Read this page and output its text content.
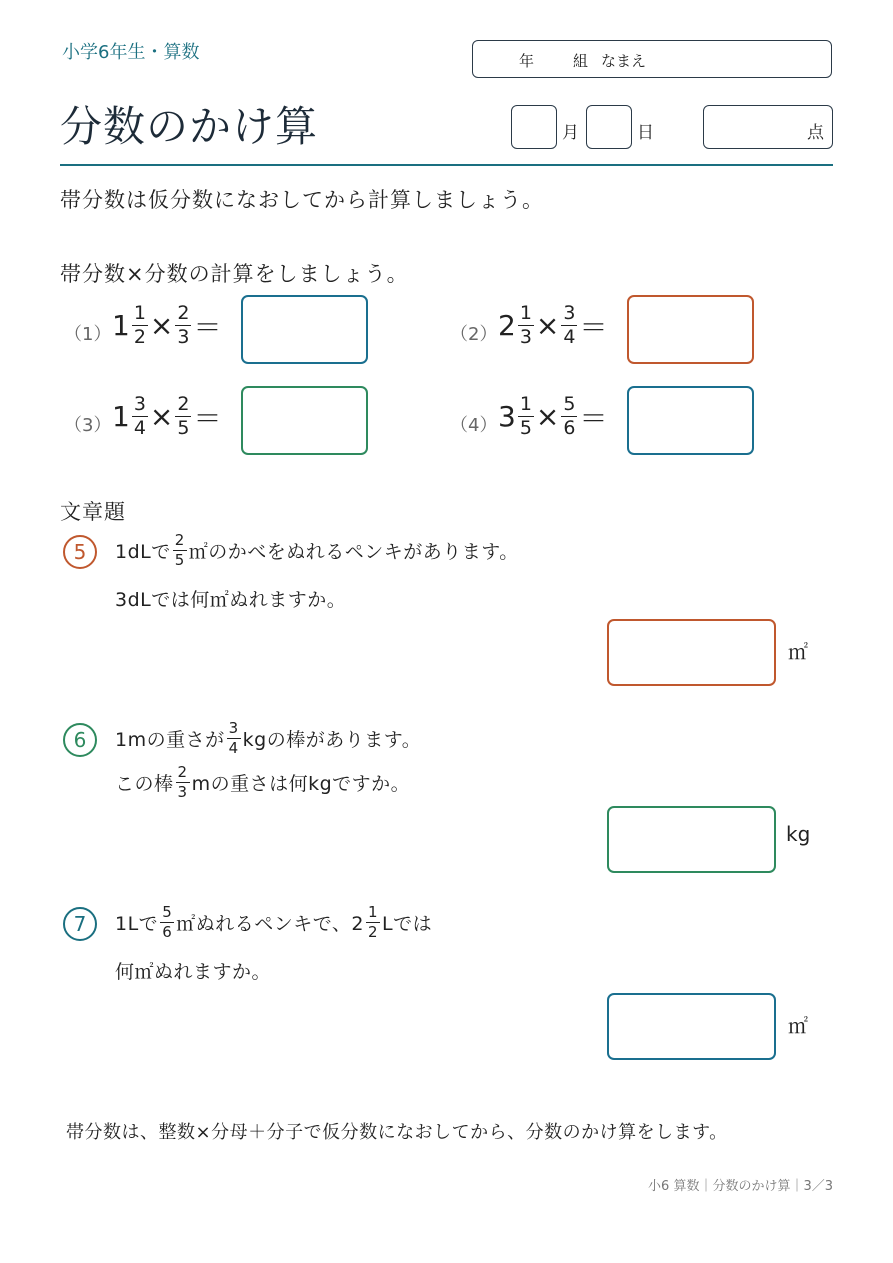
小学6年生・算数	年	組 なまえ
分数のかけ算	月	日	点
帯分数は仮分数になおしてから計算しましょう。
帯分数×分数の計算をしましょう。
（1） $1 \frac{1}{2} \times \frac{2}{3}$ ＝	（2） $2 \frac{1}{3} \times \frac{3}{4}$ ＝
（3） $1 \frac{3}{4} \times \frac{2}{5}$ ＝	（4） $3 \frac{1}{5} \times \frac{5}{6}$ ＝
文章題
5	1dLで $\frac{2}{5}$ ㎡のかべをぬれるペンキがあります。
3dLでは何㎡ぬれますか。
㎡
6	1mの重さが $\frac{3}{4}$ kgの棒があります。
この棒 $\frac{2}{3}$ mの重さは何kgですか。
kg
7	1Lで $\frac{5}{6}$ ㎡ぬれるペンキで、$2 \frac{1}{2}$ Lでは
何㎡ぬれますか。
㎡
帯分数は、整数×分母＋分子で仮分数になおしてから、分数のかけ算をします。
小6 算数｜分数のかけ算｜3／3
